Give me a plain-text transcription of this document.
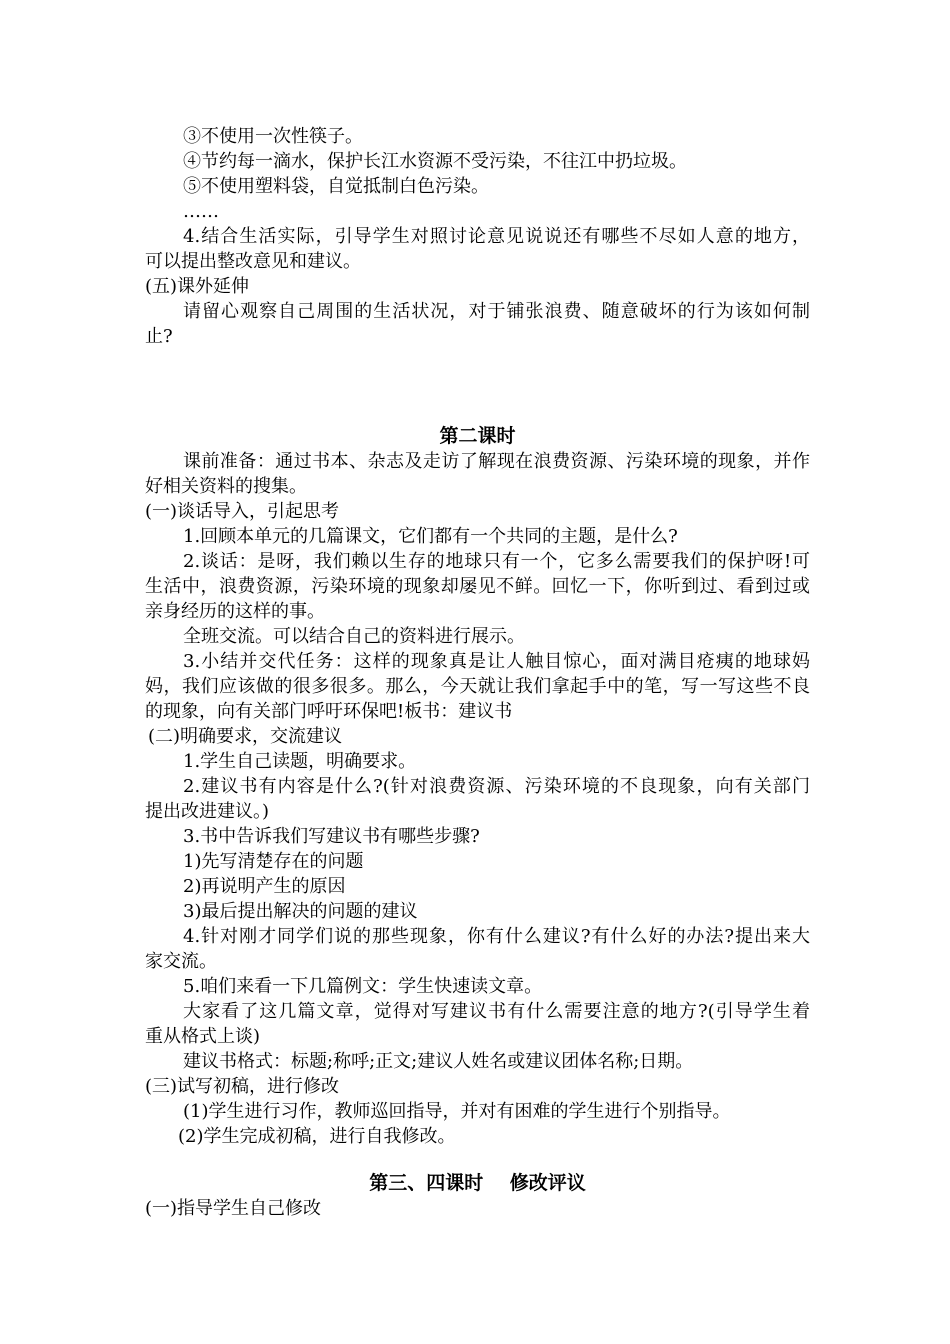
③不使用一次性筷子。
④节约每一滴水，保护长江水资源不受污染，不往江中扔垃圾。
⑤不使用塑料袋，自觉抵制白色污染。
……
4.结合生活实际，引导学生对照讨论意见说说还有哪些不尽如人意的地方，
可以提出整改意见和建议。
(五)课外延伸
请留心观察自己周围的生活状况，对于铺张浪费、随意破坏的行为该如何制
止?
第二课时
课前准备：通过书本、杂志及走访了解现在浪费资源、污染环境的现象，并作
好相关资料的搜集。
(一)谈话导入，引起思考
1.回顾本单元的几篇课文，它们都有一个共同的主题，是什么?
2.谈话：是呀，我们赖以生存的地球只有一个，它多么需要我们的保护呀!可
生活中，浪费资源，污染环境的现象却屡见不鲜。回忆一下，你听到过、看到过或
亲身经历的这样的事。
全班交流。可以结合自己的资料进行展示。
3.小结并交代任务：这样的现象真是让人触目惊心，面对满目疮痍的地球妈
妈，我们应该做的很多很多。那么，今天就让我们拿起手中的笔，写一写这些不良
的现象，向有关部门呼吁环保吧!板书：建议书
(二)明确要求，交流建议
1.学生自己读题，明确要求。
2.建议书有内容是什么?(针对浪费资源、污染环境的不良现象，向有关部门
提出改进建议。)
3.书中告诉我们写建议书有哪些步骤?
1)先写清楚存在的问题
2)再说明产生的原因
3)最后提出解决的问题的建议
4.针对刚才同学们说的那些现象，你有什么建议?有什么好的办法?提出来大
家交流。
5.咱们来看一下几篇例文：学生快速读文章。
大家看了这几篇文章，觉得对写建议书有什么需要注意的地方?(引导学生着
重从格式上谈)
建议书格式：标题;称呼;正文;建议人姓名或建议团体名称;日期。
(三)试写初稿，进行修改
(1)学生进行习作，教师巡回指导，并对有困难的学生进行个别指导。
(2)学生完成初稿，进行自我修改。
第三、四课时    修改评议
(一)指导学生自己修改
